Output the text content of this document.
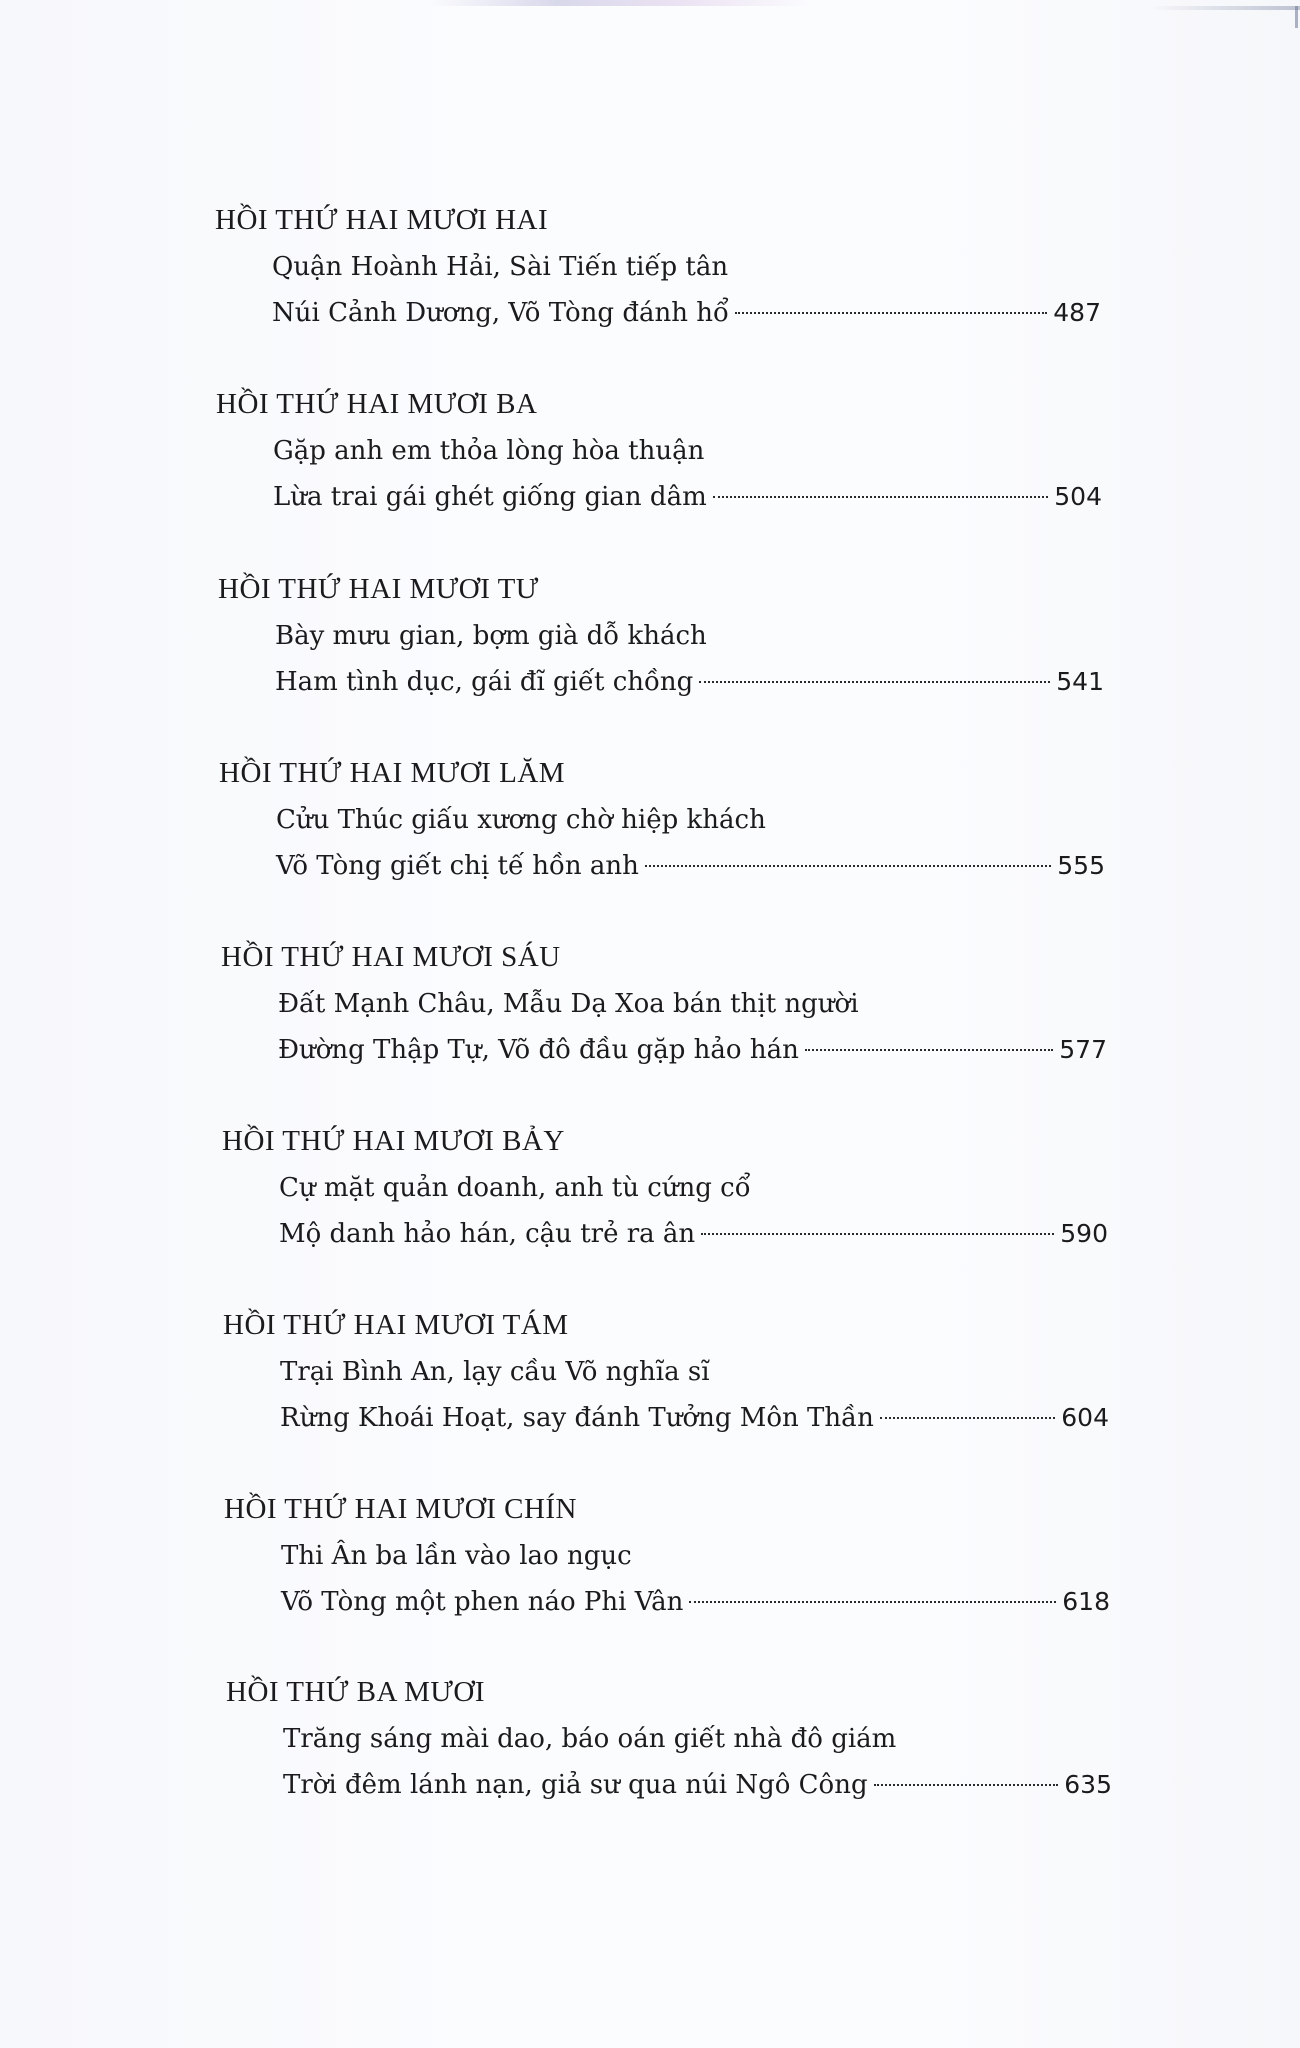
HỒI THỨ HAI MƯƠI HAI
Quận Hoành Hải, Sài Tiến tiếp tân
Núi Cảnh Dương, Võ Tòng đánh hổ	487
HỒI THỨ HAI MƯƠI BA
Gặp anh em thỏa lòng hòa thuận
Lừa trai gái ghét giống gian dâm	504
HỒI THỨ HAI MƯƠI TƯ
Bày mưu gian, bợm già dỗ khách
Ham tình dục, gái đĩ giết chồng	541
HỒI THỨ HAI MƯƠI LĂM
Cửu Thúc giấu xương chờ hiệp khách
Võ Tòng giết chị tế hồn anh	555
HỒI THỨ HAI MƯƠI SÁU
Đất Mạnh Châu, Mẫu Dạ Xoa bán thịt người
Đường Thập Tự, Võ đô đầu gặp hảo hán	577
HỒI THỨ HAI MƯƠI BẢY
Cự mặt quản doanh, anh tù cứng cổ
Mộ danh hảo hán, cậu trẻ ra ân	590
HỒI THỨ HAI MƯƠI TÁM
Trại Bình An, lạy cầu Võ nghĩa sĩ
Rừng Khoái Hoạt, say đánh Tưởng Môn Thần	604
HỒI THỨ HAI MƯƠI CHÍN
Thi Ân ba lần vào lao ngục
Võ Tòng một phen náo Phi Vân	618
HỒI THỨ BA MƯƠI
Trăng sáng mài dao, báo oán giết nhà đô giám
Trời đêm lánh nạn, giả sư qua núi Ngô Công	635
